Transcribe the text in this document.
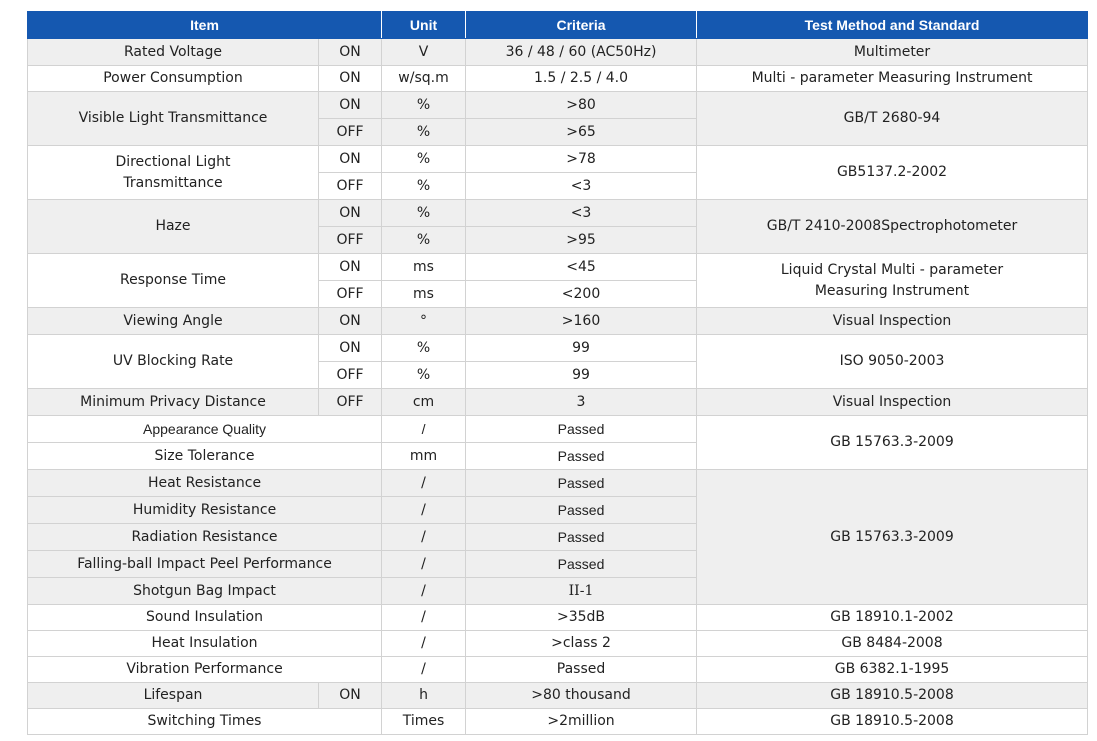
Item		Unit	Criteria	Test Method and Standard
Rated Voltage	ON	V	36 / 48 / 60 (AC50Hz)	Multimeter
Power Consumption	ON	w/sq.m	1.5 / 2.5 / 4.0	Multi - parameter Measuring Instrument
Visible Light Transmittance	ON	%	>80	GB/T 2680-94
	OFF	%	>65	
Directional Light Transmittance	ON	%	>78	GB5137.2-2002
	OFF	%	<3	
Haze	ON	%	<3	GB/T 2410-2008Spectrophotometer
	OFF	%	>95	
Response Time	ON	ms	<45	Liquid Crystal Multi - parameter Measuring Instrument
	OFF	ms	<200	
Viewing Angle	ON	°	>160	Visual Inspection
UV Blocking Rate	ON	%	99	ISO 9050-2003
	OFF	%	99	
Minimum Privacy Distance	OFF	cm	3	Visual Inspection
Appearance Quality		/	Passed	GB 15763.3-2009
Size Tolerance		mm	Passed	
Heat Resistance		/	Passed	GB 15763.3-2009
Humidity Resistance		/	Passed	
Radiation Resistance		/	Passed	
Falling-ball Impact Peel Performance		/	Passed	
Shotgun Bag Impact		/	II-1	
Sound Insulation		/	>35dB	GB 18910.1-2002
Heat Insulation		/	>class 2	GB 8484-2008
Vibration Performance		/	Passed	GB 6382.1-1995
Lifespan	ON	h	>80 thousand	GB 18910.5-2008
Switching Times		Times	>2million	GB 18910.5-2008
